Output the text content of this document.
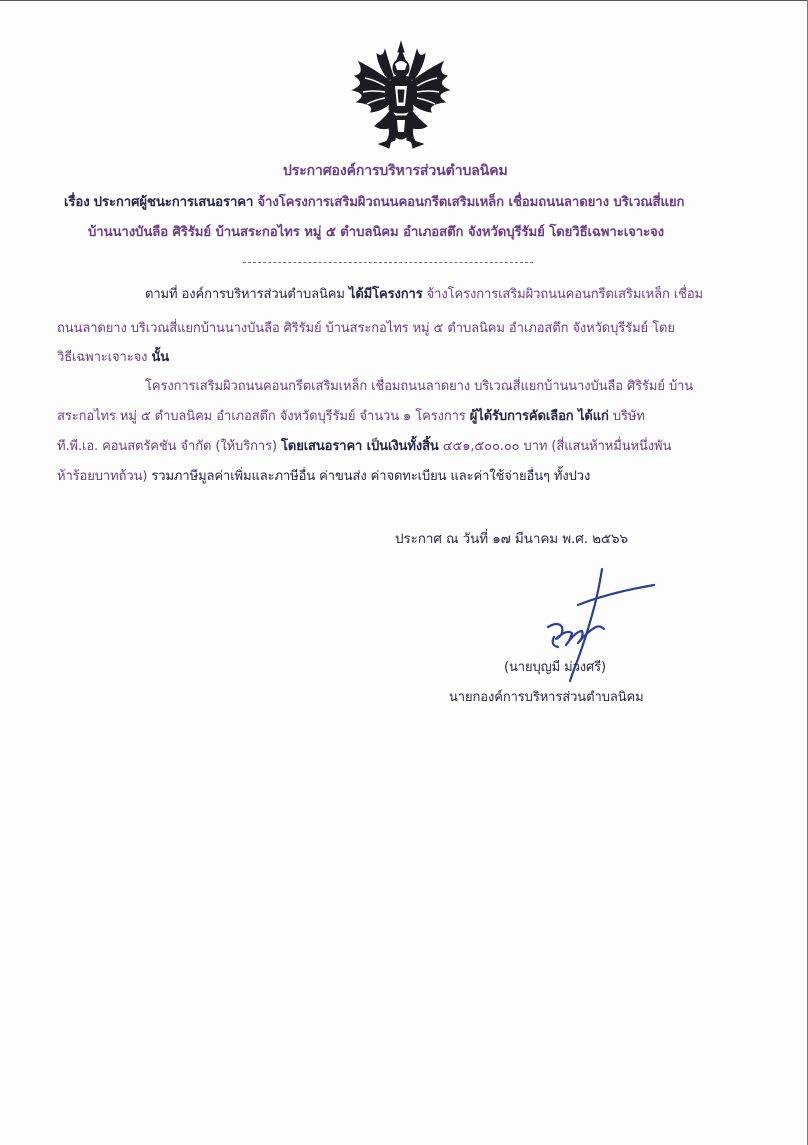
ประกาศองค์การบริหารส่วนตำบลนิคม
เรื่อง ประกาศผู้ชนะการเสนอราคา จ้างโครงการเสริมผิวถนนคอนกรีตเสริมเหล็ก เชื่อมถนนลาดยาง บริเวณสี่แยก
บ้านนางบันลือ ศิริรัมย์ บ้านสระกอไทร หมู่ ๕ ตำบลนิคม อำเภอสตึก จังหวัดบุรีรัมย์ โดยวิธีเฉพาะเจาะจง
ตามที่ องค์การบริหารส่วนตำบลนิคม ได้มีโครงการ จ้างโครงการเสริมผิวถนนคอนกรีตเสริมเหล็ก เชื่อม
ถนนลาดยาง บริเวณสี่แยกบ้านนางบันลือ ศิริรัมย์ บ้านสระกอไทร หมู่ ๕ ตำบลนิคม อำเภอสตึก จังหวัดบุรีรัมย์ โดย
วิธีเฉพาะเจาะจง นั้น
โครงการเสริมผิวถนนคอนกรีตเสริมเหล็ก เชื่อมถนนลาดยาง บริเวณสี่แยกบ้านนางบันลือ ศิริรัมย์ บ้าน
สระกอไทร หมู่ ๕ ตำบลนิคม อำเภอสตึก จังหวัดบุรีรัมย์ จำนวน ๑ โครงการ ผู้ได้รับการคัดเลือก ได้แก่ บริษัท
ที.พี.เอ. คอนสตรัคชัน จำกัด (ให้บริการ) โดยเสนอราคา เป็นเงินทั้งสิ้น ๔๕๑,๕๐๐.๐๐ บาท (สี่แสนห้าหมื่นหนึ่งพัน
ห้าร้อยบาทถ้วน) รวมภาษีมูลค่าเพิ่มและภาษีอื่น ค่าขนส่ง ค่าจดทะเบียน และค่าใช้จ่ายอื่นๆ ทั้งปวง
ประกาศ ณ วันที่ ๑๗ มีนาคม พ.ศ. ๒๕๖๖
(นายบุญมี ม่วงศรี)
นายกองค์การบริหารส่วนตำบลนิคม
